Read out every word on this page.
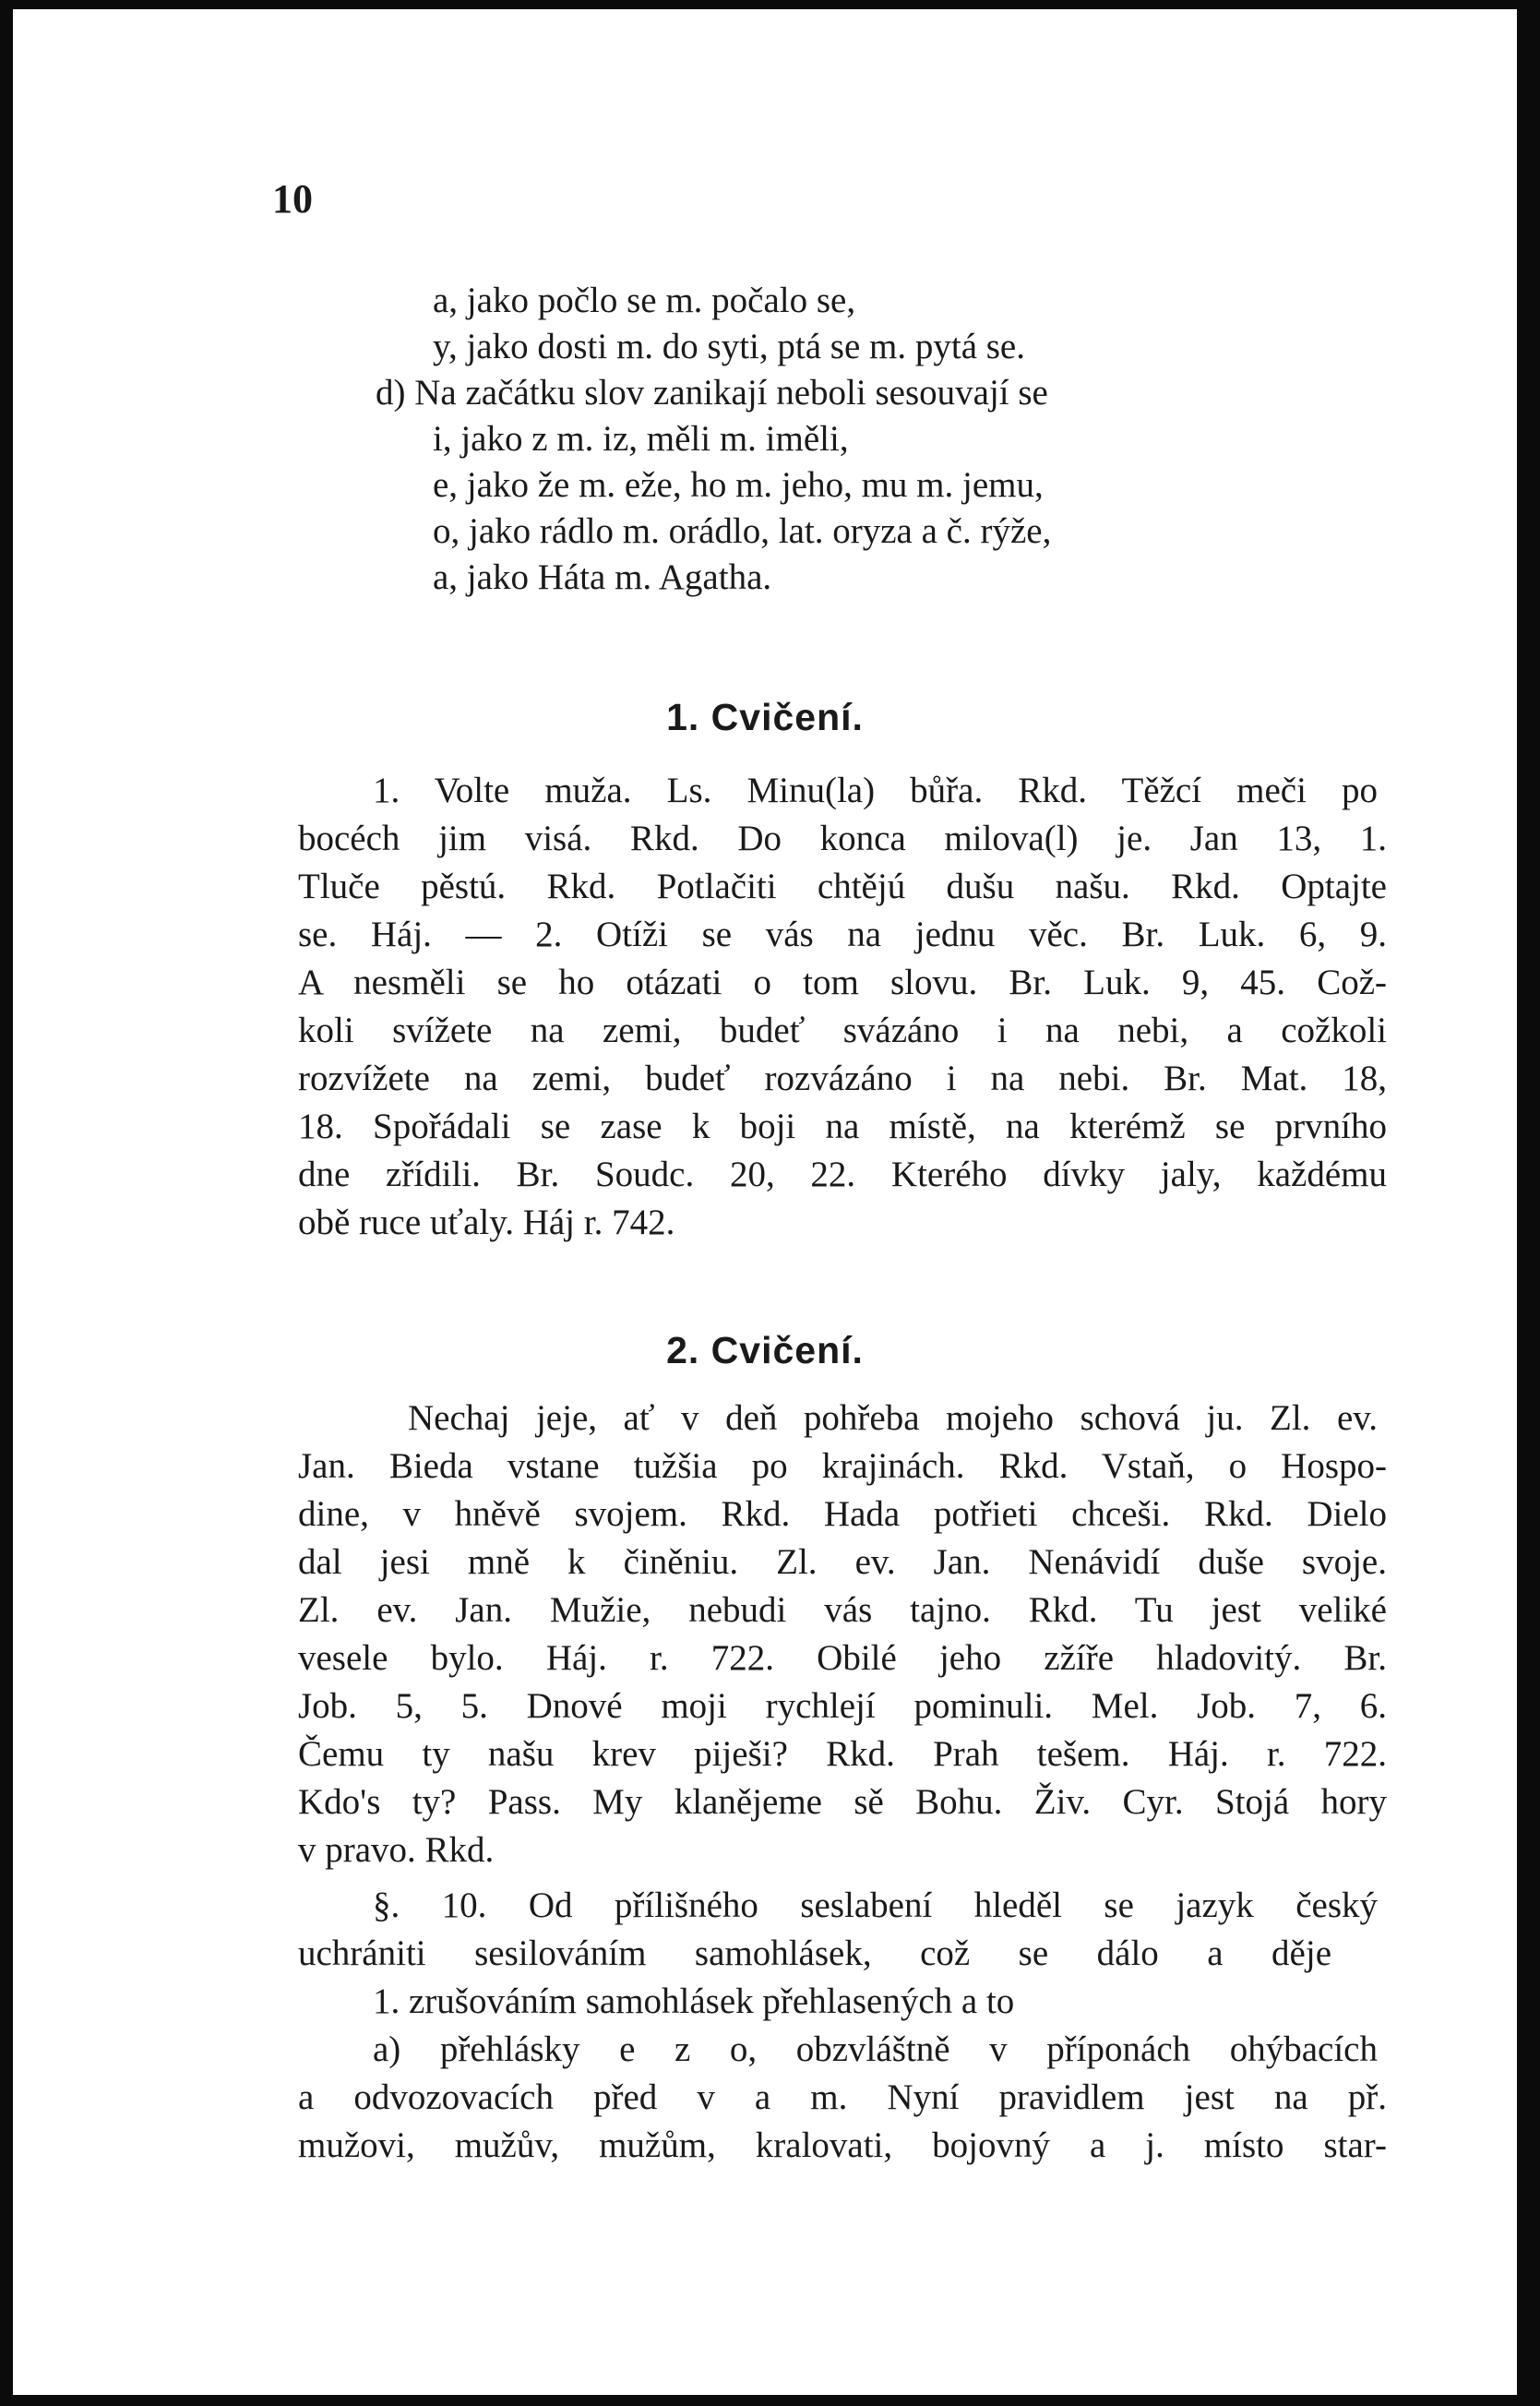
10
a, jako počlo se m. počalo se,
y, jako dosti m. do syti, ptá se m. pytá se.
d) Na začátku slov zanikají neboli sesouvají se
i, jako z m. iz, měli m. iměli,
e, jako že m. eže, ho m. jeho, mu m. jemu,
o, jako rádlo m. orádlo, lat. oryza a č. rýže,
a, jako Háta m. Agatha.
1. Cvičení.
1. Volte muža. Ls. Minu(la) bůřa. Rkd. Těžcí meči po
bocéch jim visá. Rkd. Do konca milova(l) je. Jan 13, 1.
Tluče pěstú. Rkd. Potlačiti chtějú dušu našu. Rkd. Optajte
se. Háj. — 2. Otíži se vás na jednu věc. Br. Luk. 6, 9.
A nesměli se ho otázati o tom slovu. Br. Luk. 9, 45. Což-
koli svížete na zemi, budeť svázáno i na nebi, a cožkoli
rozvížete na zemi, budeť rozvázáno i na nebi. Br. Mat. 18,
18. Spořádali se zase k boji na místě, na kterémž se prvního
dne zřídili. Br. Soudc. 20, 22. Kterého dívky jaly, každému
obě ruce uťaly. Háj r. 742.
2. Cvičení.
Nechaj jeje, ať v deň pohřeba mojeho schová ju. Zl. ev.
Jan. Bieda vstane tužšia po krajinách. Rkd. Vstaň, o Hospo-
dine, v hněvě svojem. Rkd. Hada potřieti chceši. Rkd. Dielo
dal jesi mně k činěniu. Zl. ev. Jan. Nenávidí duše svoje.
Zl. ev. Jan. Mužie, nebudi vás tajno. Rkd. Tu jest veliké
vesele bylo. Háj. r. 722. Obilé jeho zžíře hladovitý. Br.
Job. 5, 5. Dnové moji rychlejí pominuli. Mel. Job. 7, 6.
Čemu ty našu krev piješi? Rkd. Prah tešem. Háj. r. 722.
Kdo's ty? Pass. My klanějeme sě Bohu. Živ. Cyr. Stojá hory
v pravo. Rkd.
§. 10. Od přílišného seslabení hleděl se jazyk český
uchrániti sesilováním samohlásek, což se dálo a děje
1. zrušováním samohlásek přehlasených a to
a) přehlásky e z o, obzvláštně v příponách ohýbacích
a odvozovacích před v a m. Nyní pravidlem jest na př.
mužovi, mužův, mužům, kralovati, bojovný a j. místo star-
